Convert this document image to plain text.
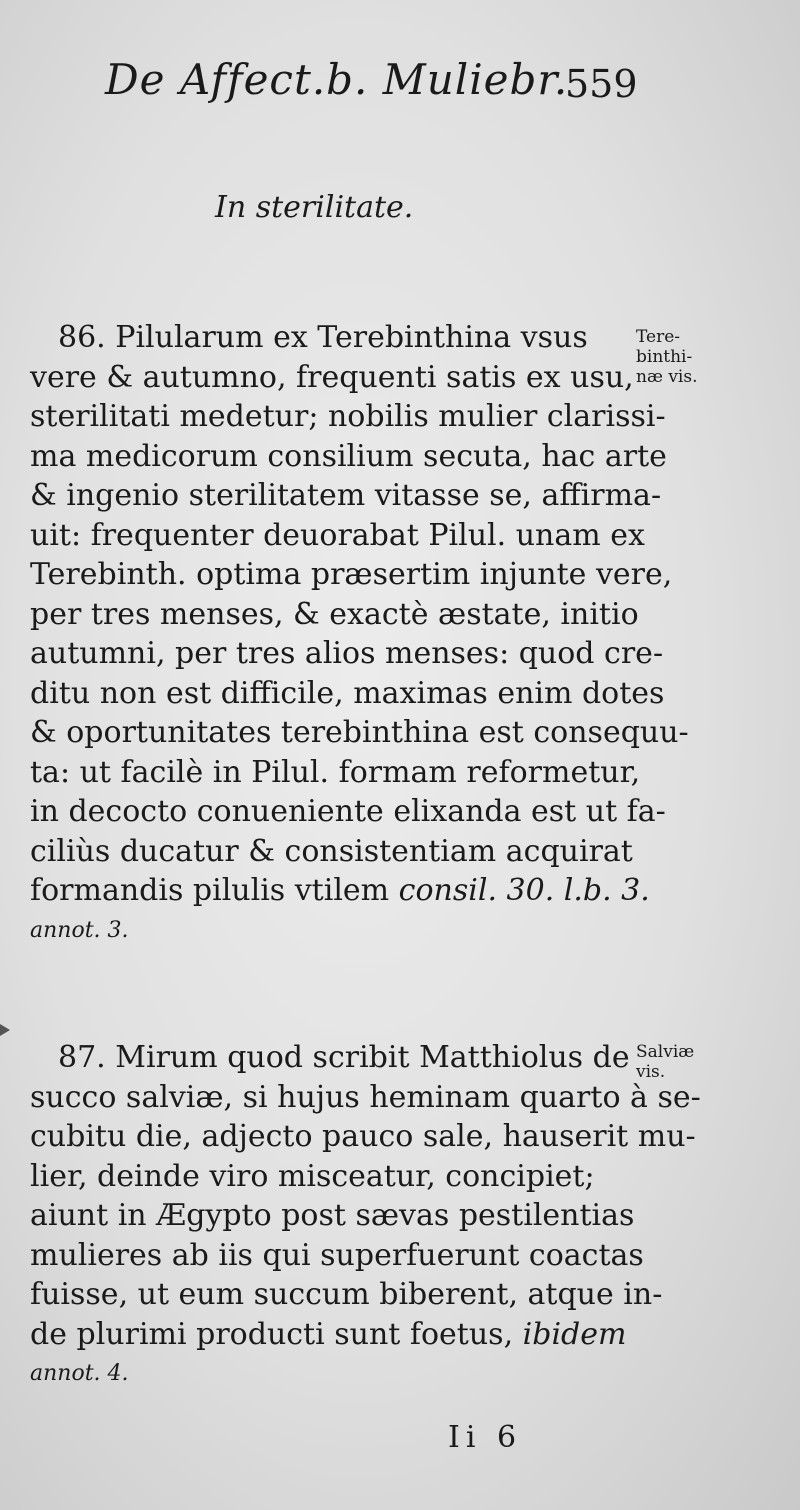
De Affect.b. Muliebr.
559
In sterilitate.
86. Pilularum ex Terebinthina vsus
vere & autumno, frequenti satis ex usu,
sterilitati medetur; nobilis mulier clarissi-
ma medicorum consilium secuta, hac arte
& ingenio sterilitatem vitasse se, affirma-
uit: frequenter deuorabat Pilul. unam ex
Terebinth. optima præsertim injunte vere,
per tres menses, & exactè æstate, initio
autumni, per tres alios menses: quod cre-
ditu non est difficile, maximas enim dotes
& oportunitates terebinthina est consequu-
ta: ut facilè in Pilul. formam reformetur,
in decocto conueniente elixanda est ut fa-
ciliùs ducatur & consistentiam acquirat
formandis pilulis vtilem consil. 30. l.b. 3.
annot. 3.
Tere-
binthi-
næ vis.
87. Mirum quod scribit Matthiolus de
succo salviæ, si hujus heminam quarto à se-
cubitu die, adjecto pauco sale, hauserit mu-
lier, deinde viro misceatur, concipiet;
aiunt in Ægypto post sævas pestilentias
mulieres ab iis qui superfuerunt coactas
fuisse, ut eum succum biberent, atque in-
de plurimi producti sunt foetus, ibidem
annot. 4.
Salviæ
vis.
Ii 6
